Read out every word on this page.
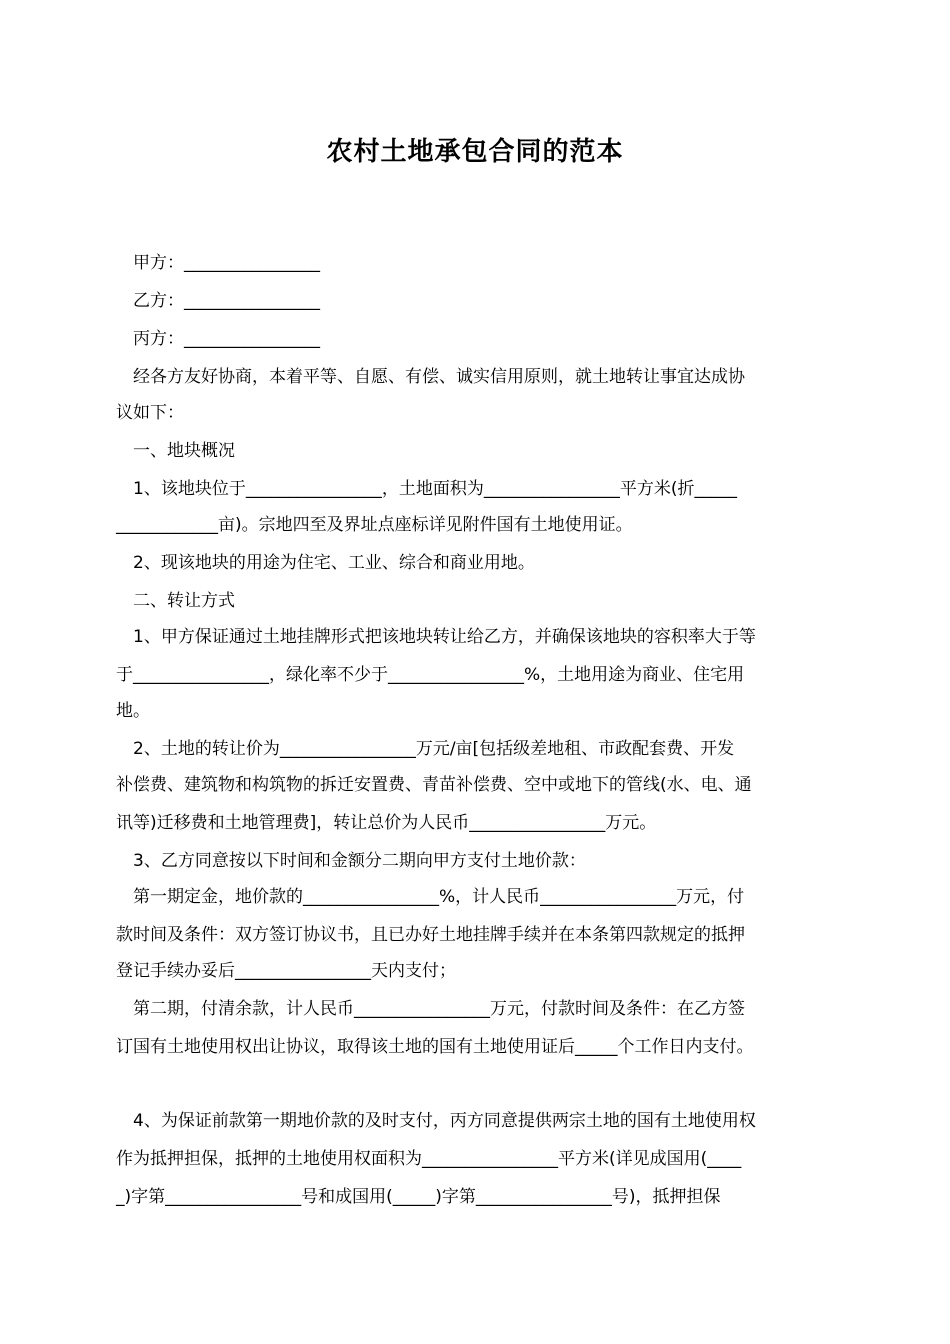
农村土地承包合同的范本
　甲方：________________
　乙方：________________
　丙方：________________
　经各方友好协商，本着平等、自愿、有偿、诚实信用原则，就土地转让事宜达成协
议如下：
　一、地块概况
　1、该地块位于________________，土地面积为________________平方米(折_____
____________亩)。宗地四至及界址点座标详见附件国有土地使用证。
　2、现该地块的用途为住宅、工业、综合和商业用地。
　二、转让方式
　1、甲方保证通过土地挂牌形式把该地块转让给乙方，并确保该地块的容积率大于等
于________________，绿化率不少于________________%，土地用途为商业、住宅用
地。
　2、土地的转让价为________________万元/亩[包括级差地租、市政配套费、开发
补偿费、建筑物和构筑物的拆迁安置费、青苗补偿费、空中或地下的管线(水、电、通
讯等)迁移费和土地管理费]，转让总价为人民币________________万元。
　3、乙方同意按以下时间和金额分二期向甲方支付土地价款：
　第一期定金，地价款的________________%，计人民币________________万元，付
款时间及条件：双方签订协议书，且已办好土地挂牌手续并在本条第四款规定的抵押
登记手续办妥后________________天内支付；
　第二期，付清余款，计人民币________________万元，付款时间及条件：在乙方签
订国有土地使用权出让协议，取得该土地的国有土地使用证后_____个工作日内支付。
　4、为保证前款第一期地价款的及时支付，丙方同意提供两宗土地的国有土地使用权
作为抵押担保，抵押的土地使用权面积为________________平方米(详见成国用(____
_)字第________________号和成国用(_____)字第________________号)，抵押担保
